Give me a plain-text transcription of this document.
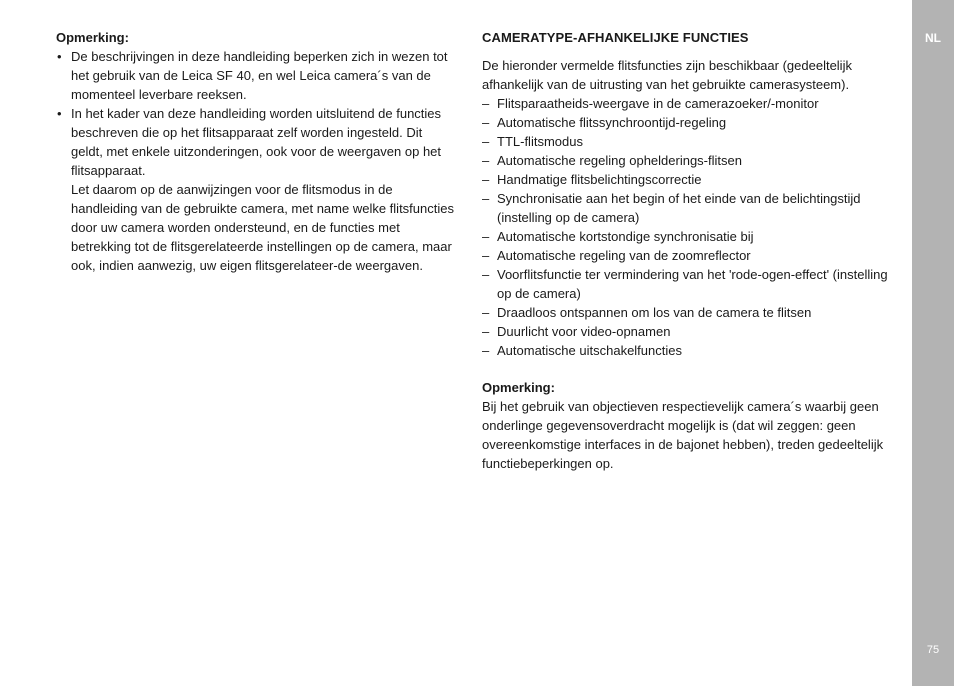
Opmerking:

• De beschrijvingen in deze handleiding beperken zich in wezen tot het gebruik van de Leica SF 40, en wel Leica camera´s van de momenteel leverbare reeksen.

• In het kader van deze handleiding worden uitsluitend de functies beschreven die op het flitsapparaat zelf worden ingesteld. Dit geldt, met enkele uitzonderingen, ook voor de weergaven op het flitsapparaat.

Let daarom op de aanwijzingen voor de flitsmodus in de handleiding van de gebruikte camera, met name welke flitsfuncties door uw camera worden ondersteund, en de functies met betrekking tot de flitsgerelateerde instellingen op de camera, maar ook, indien aanwezig, uw eigen flitsgerelateer-de weergaven.

CAMERATYPE-AFHANKELIJKE FUNCTIES

De hieronder vermelde flitsfuncties zijn beschikbaar (gedeeltelijk afhankelijk van de uitrusting van het gebruikte camerasysteem).

– Flitsparaatheids-weergave in de camerazoeker/-monitor
– Automatische flitssynchroontijd-regeling
– TTL-flitsmodus
– Automatische regeling ophelderings-flitsen
– Handmatige flitsbelichtingscorrectie
– Synchronisatie aan het begin of het einde van de belichtingstijd (instelling op de camera)
– Automatische kortstondige synchronisatie bij
– Automatische regeling van de zoomreflector
– Voorflitsfunctie ter vermindering van het 'rode-ogen-effect' (instelling op de camera)
– Draadloos ontspannen om los van de camera te flitsen
– Duurlicht voor video-opnamen
– Automatische uitschakelfuncties

Opmerking:

Bij het gebruik van objectieven respectievelijk camera´s waarbij geen onderlinge gegevensoverdracht mogelijk is (dat wil zeggen: geen overeenkomstige interfaces in de bajonet hebben), treden gedeeltelijk functiebeperkingen op.

NL
75
